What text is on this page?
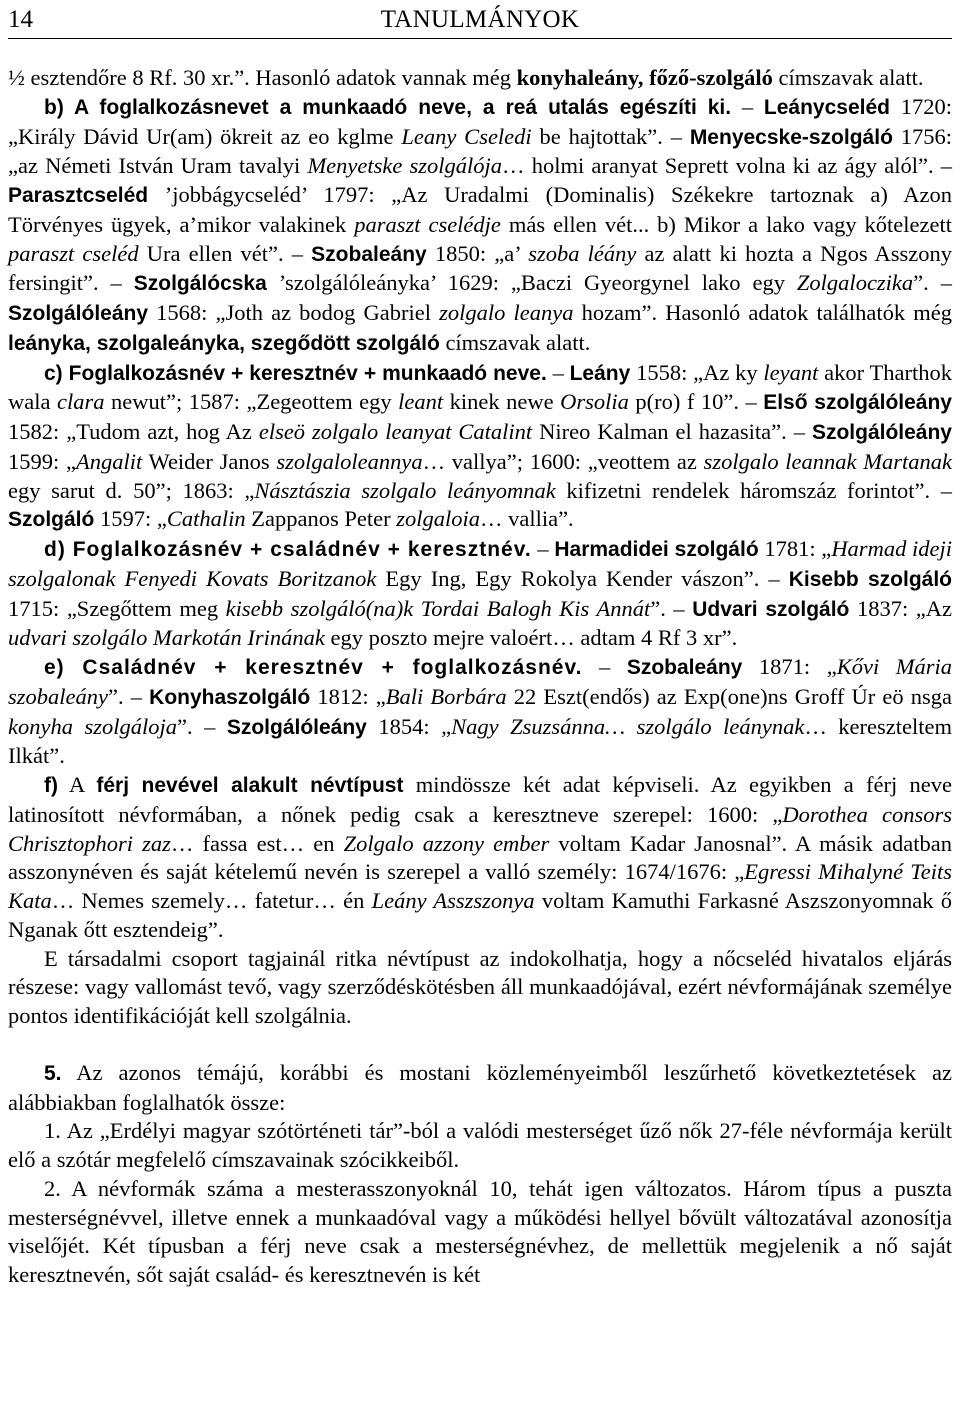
14	TANULMÁNYOK

½ esztendőre 8 Rf. 30 xr.”. Hasonló adatok vannak még konyhaleány, főző-szolgáló címszavak alatt.

b) A foglalkozásnevet a munkaadó neve, a reá utalás egészíti ki. – Leánycseléd 1720: „Király Dávid Ur(am) ökreit az eo kglme Leany Cseledi be hajtottak”. – Menyecske-szolgáló 1756: „az Németi István Uram tavalyi Menyetske szolgálója… holmi aranyat Seprett volna ki az ágy alól”. – Parasztcseléd ’jobbágycseléd’ 1797: „Az Uradalmi (Dominalis) Székekre tartoznak a) Azon Törvényes ügyek, a’mikor valakinek paraszt cselédje más ellen vét... b) Mikor a lako vagy kőtelezett paraszt cseléd Ura ellen vét”. – Szobaleány 1850: „a’ szoba léány az alatt ki hozta a Ngos Asszony fersingit”. – Szolgálócska ’szolgálóleányka’ 1629: „Baczi Gyeorgynel lako egy Zolgaloczika”. – Szolgálóleány 1568: „Joth az bodog Gabriel zolgalo leanya hozam”. Hasonló adatok találhatók még leányka, szolgaleányka, szegődött szolgáló címszavak alatt.

c) Foglalkozásnév + keresztnév + munkaadó neve. – Leány 1558: „Az ky leyant akor Tharthok wala clara newut”; 1587: „Zegeottem egy leant kinek newe Orsolia p(ro) f 10”. – Első szolgálóleány 1582: „Tudom azt, hog Az elseö zolgalo leanyat Catalint Nireo Kalman el hazasita”. – Szolgálóleány 1599: „Angalit Weider Janos szolgaloleannya… vallya”; 1600: „veottem az szolgalo leannak Martanak egy sarut d. 50”; 1863: „Násztászia szolgalo leányomnak kifizetni rendelek háromszáz forintot”. – Szolgáló 1597: „Cathalin Zappanos Peter zolgaloia… vallia”.

d) Foglalkozásnév + családnév + keresztnév. – Harmadidei szolgáló 1781: „Harmad ideji szolgalonak Fenyedi Kovats Boritzanok Egy Ing, Egy Rokolya Kender vászon”. – Kisebb szolgáló 1715: „Szegőttem meg kisebb szolgáló(na)k Tordai Balogh Kis Annát”. – Udvari szolgáló 1837: „Az udvari szolgálo Markotán Irinának egy poszto mejre valoért… adtam 4 Rf 3 xr”.

e) Családnév + keresztnév + foglalkozásnév. – Szobaleány 1871: „Kővi Mária szobaleány”. – Konyhaszolgáló 1812: „Bali Borbára 22 Eszt(endős) az Exp(one)ns Groff Úr eö nsga konyha szolgáloja”. – Szolgálóleány 1854: „Nagy Zsuzsánna… szolgálo leánynak… kereszteltem Ilkát”.

f) A férj nevével alakult névtípust mindössze két adat képviseli. Az egyikben a férj neve latinosított névformában, a nőnek pedig csak a keresztneve szerepel: 1600: „Dorothea consors Chrisztophori zaz… fassa est… en Zolgalo azzony ember voltam Kadar Janosnal”. A másik adatban asszonynéven és saját kételemű nevén is szerepel a valló személy: 1674/1676: „Egressi Mihalyné Teits Kata… Nemes szemely… fatetur… én Leány Asszszonya voltam Kamuthi Farkasné Aszszonyomnak ő Nganak őtt esztendeig”.

E társadalmi csoport tagjainál ritka névtípust az indokolhatja, hogy a nőcseléd hivatalos eljárás részese: vagy vallomást tevő, vagy szerződéskötésben áll munkaadójával, ezért névformájának személye pontos identifikációját kell szolgálnia.

5. Az azonos témájú, korábbi és mostani közleményeimből leszűrhető következtetések az alábbiakban foglalhatók össze:

1. Az „Erdélyi magyar szótörténeti tár”-ból a valódi mesterséget űző nők 27-féle névformája került elő a szótár megfelelő címszavainak szócikkeiből.

2. A névformák száma a mesterasszonyoknál 10, tehát igen változatos. Három típus a puszta mesterségnévvel, illetve ennek a munkaadóval vagy a működési hellyel bővült változatával azonosítja viselőjét. Két típusban a férj neve csak a mesterségnévhez, de mellettük megjelenik a nő saját keresztnevén, sőt saját család- és keresztnevén is két
